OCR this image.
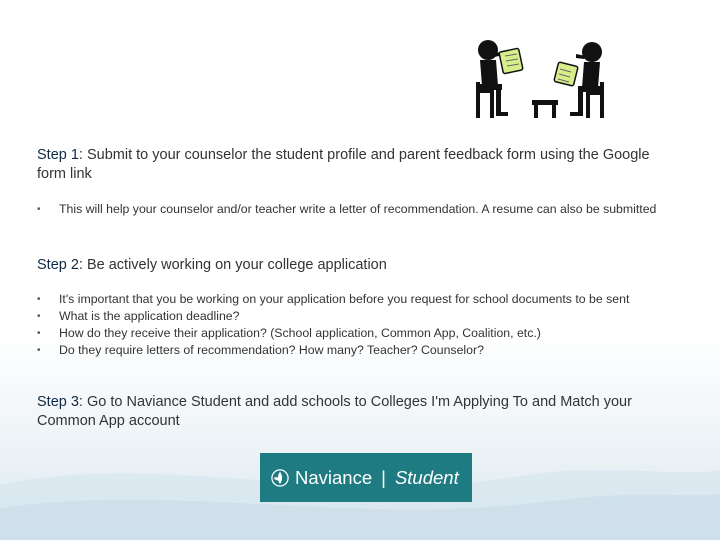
Step 1: Submit to your counselor the student profile and parent feedback form using the Google form link
• This will help your counselor and/or teacher write a letter of recommendation. A resume can also be submitted
Step 2: Be actively working on your college application
• It's important that you be working on your application before you request for school documents to be sent
• What is the application deadline?
• How do they receive their application? (School application, Common App, Coalition, etc.)
• Do they require letters of recommendation? How many? Teacher? Counselor?
Step 3: Go to Naviance Student and add schools to Colleges I'm Applying To and Match your Common App account
Naviance | Student
